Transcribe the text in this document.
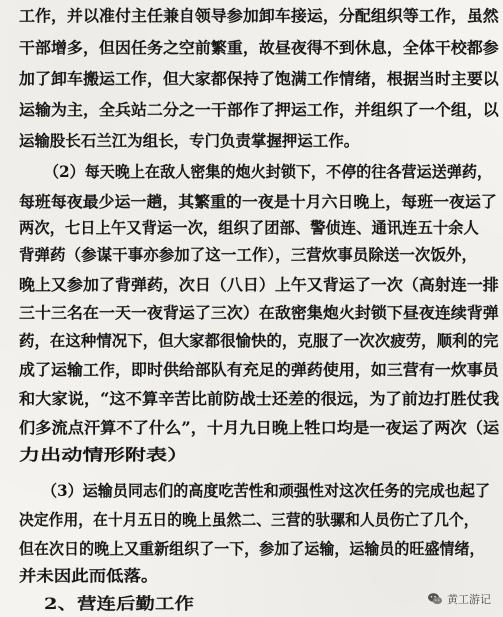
工作，并以准付主任兼自领导参加卸车接运，分配组织等工作，虽然
干部增多，但因任务之空前繁重，故昼夜得不到休息，全体干校都参
加了卸车搬运工作，但大家都保持了饱满工作情绪，根据当时主要以
运输为主，全兵站二分之一干部作了押运工作，并组织了一个组，以
运输股长石兰江为组长，专门负责掌握押运工作。
（2）每天晚上在敌人密集的炮火封锁下，不停的往各营运送弹药，
每班每夜最少运一趟，其繁重的一夜是十月六日晚上，每班一夜运了
两次，七日上午又背运一次，组织了团部、警侦连、通讯连五十余人
背弹药（参谋干事亦参加了这一工作），三营炊事员除送一次饭外，
晚上又参加了背弹药，次日（八日）上午又背运了一次（高射连一排
三十三名在一天一夜背运了三次）在敌密集炮火封锁下昼夜连续背弹
药，在这种情况下，但大家都很愉快的，克服了一次次疲劳，顺利的完
成了运输工作，即时供给部队有充足的弹药使用，如三营有一炊事员
和大家说，“这不算辛苦比前防战士还差的很远，为了前边打胜仗我
们多流点汗算不了什么”，十月九日晚上牲口均是一夜运了两次（运
力出动情形附表）
（3）运输员同志们的高度吃苦性和顽强性对这次任务的完成也起了
决定作用，在十月五日的晚上虽然二、三营的驮骡和人员伤亡了几个，
但在次日的晚上又重新组织了一下，参加了运输，运输员的旺盛情绪，
并未因此而低落。
2、营连后勤工作	黄工游记
